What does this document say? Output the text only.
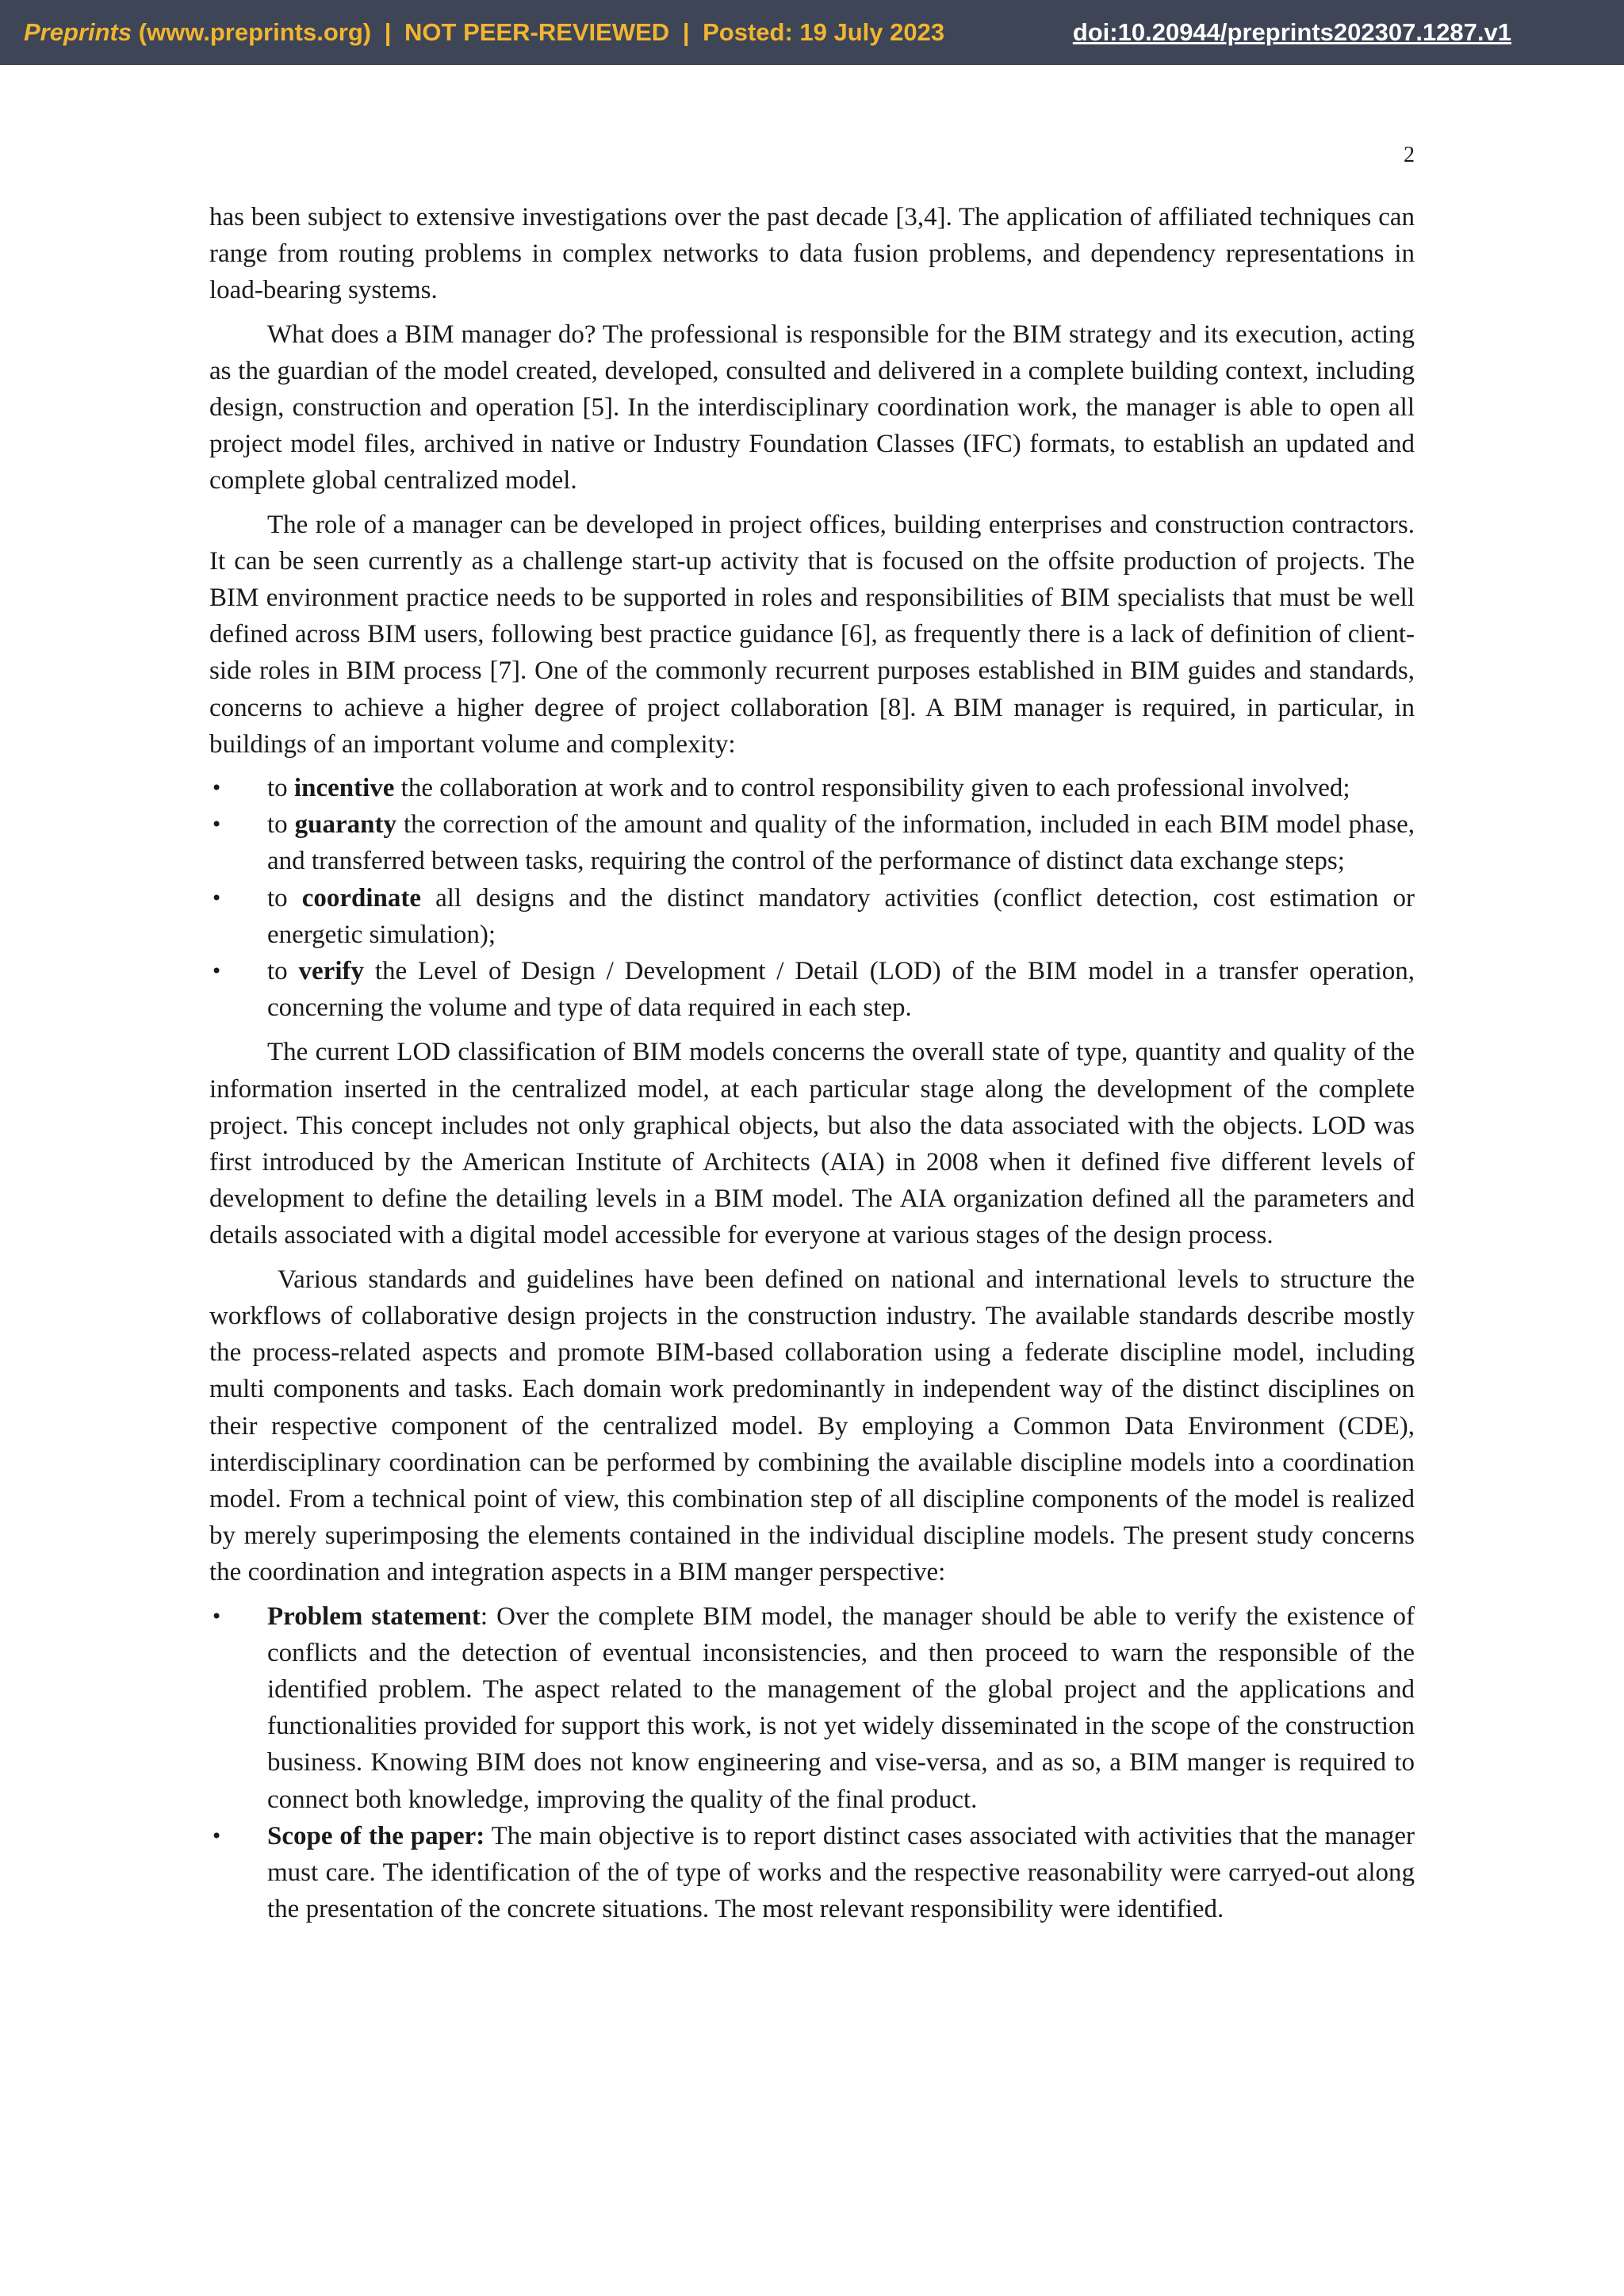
Preprints (www.preprints.org) | NOT PEER-REVIEWED | Posted: 19 July 2023	doi:10.20944/preprints202307.1287.v1
2

has been subject to extensive investigations over the past decade [3,4]. The application of affiliated techniques can range from routing problems in complex networks to data fusion problems, and dependency representations in load-bearing systems.

What does a BIM manager do? The professional is responsible for the BIM strategy and its execution, acting as the guardian of the model created, developed, consulted and delivered in a complete building context, including design, construction and operation [5]. In the interdisciplinary coordination work, the manager is able to open all project model files, archived in native or Industry Foundation Classes (IFC) formats, to establish an updated and complete global centralized model.

The role of a manager can be developed in project offices, building enterprises and construction contractors. It can be seen currently as a challenge start-up activity that is focused on the offsite production of projects. The BIM environment practice needs to be supported in roles and responsibilities of BIM specialists that must be well defined across BIM users, following best practice guidance [6], as frequently there is a lack of definition of client-side roles in BIM process [7]. One of the commonly recurrent purposes established in BIM guides and standards, concerns to achieve a higher degree of project collaboration [8]. A BIM manager is required, in particular, in buildings of an important volume and complexity:

• to incentive the collaboration at work and to control responsibility given to each professional involved;
• to guaranty the correction of the amount and quality of the information, included in each BIM model phase, and transferred between tasks, requiring the control of the performance of distinct data exchange steps;
• to coordinate all designs and the distinct mandatory activities (conflict detection, cost estimation or energetic simulation);
• to verify the Level of Design / Development / Detail (LOD) of the BIM model in a transfer operation, concerning the volume and type of data required in each step.

The current LOD classification of BIM models concerns the overall state of type, quantity and quality of the information inserted in the centralized model, at each particular stage along the development of the complete project. This concept includes not only graphical objects, but also the data associated with the objects. LOD was first introduced by the American Institute of Architects (AIA) in 2008 when it defined five different levels of development to define the detailing levels in a BIM model. The AIA organization defined all the parameters and details associated with a digital model accessible for everyone at various stages of the design process.

Various standards and guidelines have been defined on national and international levels to structure the workflows of collaborative design projects in the construction industry. The available standards describe mostly the process-related aspects and promote BIM-based collaboration using a federate discipline model, including multi components and tasks. Each domain work predominantly in independent way of the distinct disciplines on their respective component of the centralized model. By employing a Common Data Environment (CDE), interdisciplinary coordination can be performed by combining the available discipline models into a coordination model. From a technical point of view, this combination step of all discipline components of the model is realized by merely superimposing the elements contained in the individual discipline models. The present study concerns the coordination and integration aspects in a BIM manger perspective:

• Problem statement: Over the complete BIM model, the manager should be able to verify the existence of conflicts and the detection of eventual inconsistencies, and then proceed to warn the responsible of the identified problem. The aspect related to the management of the global project and the applications and functionalities provided for support this work, is not yet widely disseminated in the scope of the construction business. Knowing BIM does not know engineering and vise-versa, and as so, a BIM manger is required to connect both knowledge, improving the quality of the final product.
• Scope of the paper: The main objective is to report distinct cases associated with activities that the manager must care. The identification of the of type of works and the respective reasonability were carryed-out along the presentation of the concrete situations. The most relevant responsibility were identified.
